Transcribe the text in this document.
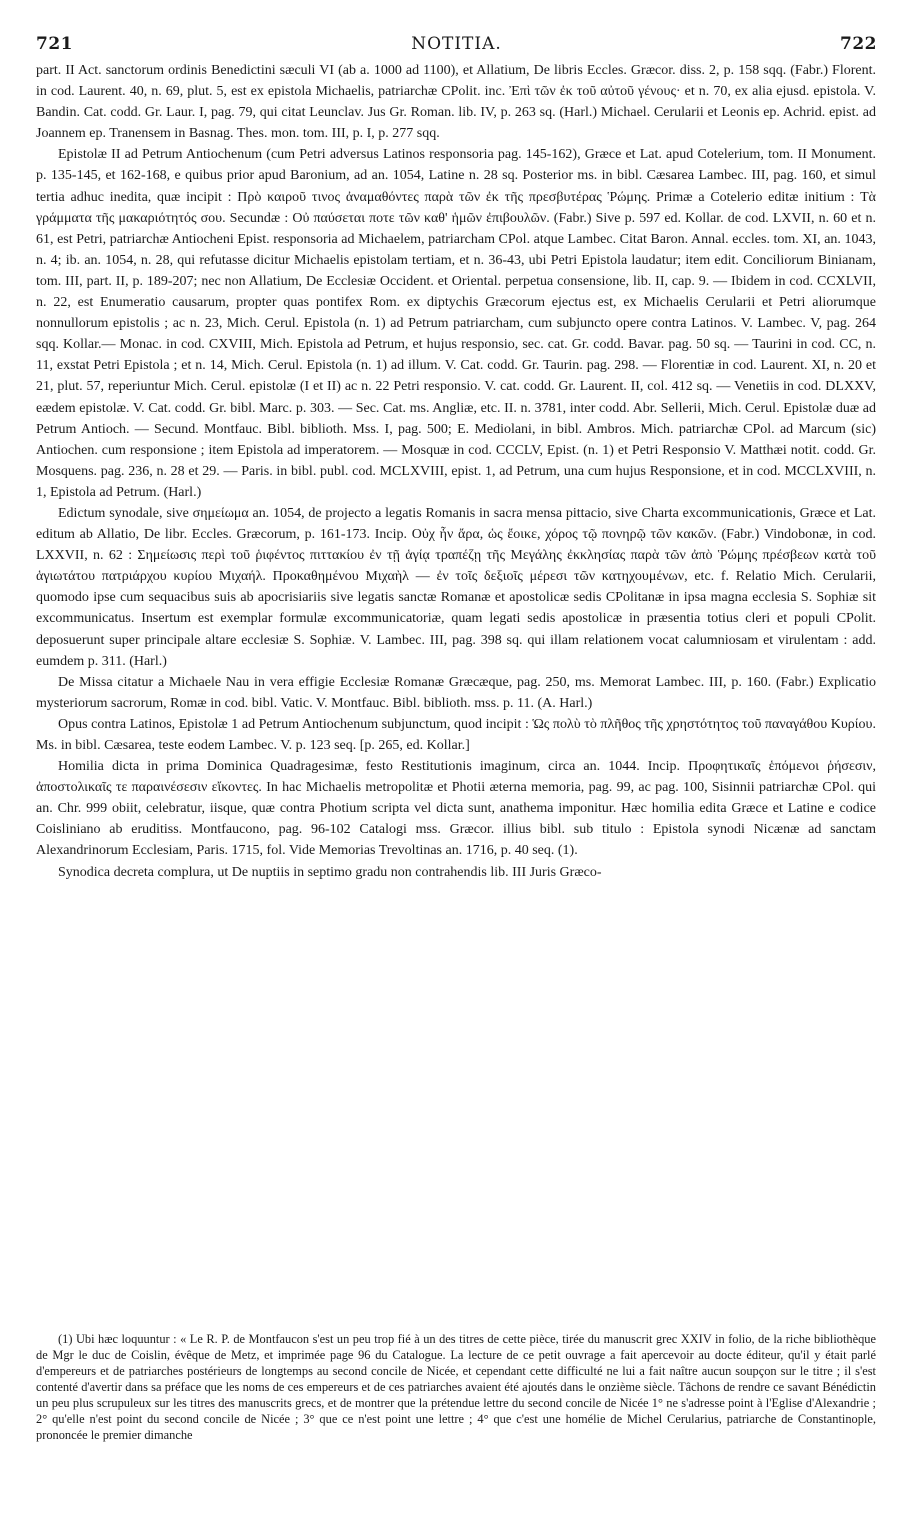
721	NOTITIA.	722

part. II Act. sanctorum ordinis Benedictini sæculi VI (ab a. 1000 ad 1100), et Allatium, De libris Eccles. Græcor. diss. 2, p. 158 sqq. (Fabr.) Florent. in cod. Laurent. 40, n. 69, plut. 5, est ex epistola Michaelis, patriarchæ CPolit. inc. Ἐπὶ τῶν ἐκ τοῦ αὐτοῦ γένους· et n. 70, ex alia ejusd. epistola. V. Bandin. Cat. codd. Gr. Laur. I, pag. 79, qui citat Leunclav. Jus Gr. Roman. lib. IV, p. 263 sq. (Harl.) Michael. Cerularii et Leonis ep. Achrid. epist. ad Joannem ep. Tranensem in Basnag. Thes. mon. tom. III, p. I, p. 277 sqq.

Epistolæ II ad Petrum Antiochenum (cum Petri adversus Latinos responsoria pag. 145-162), Græce et Lat. apud Cotelerium, tom. II Monument. p. 135-145, et 162-168, e quibus prior apud Baronium, ad an. 1054, Latine n. 28 sq. Posterior ms. in bibl. Cæsarea Lambec. III, pag. 160, et simul tertia adhuc inedita, quæ incipit : Πρὸ καιροῦ τινος ἀναμαθόντες παρὰ τῶν ἐκ τῆς πρεσβυτέρας Ῥώμης. Primæ a Cotelerio editæ initium : Τὰ γράμματα τῆς μακαριότητός σου. Secundæ : Οὐ παύσεται ποτε τῶν καθ' ἡμῶν ἐπιβουλῶν. (Fabr.) Sive p. 597 ed. Kollar. de cod. LXVII, n. 60 et n. 61, est Petri, patriarchæ Antiocheni Epist. responsoria ad Michaelem, patriarcham CPol. atque Lambec. Citat Baron. Annal. eccles. tom. XI, an. 1043, n. 4; ib. an. 1054, n. 28, qui refutasse dicitur Michaelis epistolam tertiam, et n. 36-43, ubi Petri Epistola laudatur; item edit. Conciliorum Binianam, tom. III, part. II, p. 189-207; nec non Allatium, De Ecclesiæ Occident. et Oriental. perpetua consensione, lib. II, cap. 9. — Ibidem in cod. CCXLVII, n. 22, est Enumeratio causarum, propter quas pontifex Rom. ex diptychis Græcorum ejectus est, ex Michaelis Cerularii et Petri aliorumque nonnullorum epistolis ; ac n. 23, Mich. Cerul. Epistola (n. 1) ad Petrum patriarcham, cum subjuncto opere contra Latinos. V. Lambec. V, pag. 264 sqq. Kollar.— Monac. in cod. CXVIII, Mich. Epistola ad Petrum, et hujus responsio, sec. cat. Gr. codd. Bavar. pag. 50 sq. — Taurini in cod. CC, n. 11, exstat Petri Epistola ; et n. 14, Mich. Cerul. Epistola (n. 1) ad illum. V. Cat. codd. Gr. Taurin. pag. 298. — Florentiæ in cod. Laurent. XI, n. 20 et 21, plut. 57, reperiuntur Mich. Cerul. epistolæ (I et II) ac n. 22 Petri responsio. V. cat. codd. Gr. Laurent. II, col. 412 sq. — Venetiis in cod. DLXXV, eædem epistolæ. V. Cat. codd. Gr. bibl. Marc. p. 303. — Sec. Cat. ms. Angliæ, etc. II. n. 3781, inter codd. Abr. Sellerii, Mich. Cerul. Epistolæ duæ ad Petrum Antioch. — Secund. Montfauc. Bibl. biblioth. Mss. I, pag. 500; E. Mediolani, in bibl. Ambros. Mich. patriarchæ CPol. ad Marcum (sic) Antiochen. cum responsione ; item Epistola ad imperatorem. — Mosquæ in cod. CCCLV, Epist. (n. 1) et Petri Responsio V. Matthæi notit. codd. Gr. Mosquens. pag. 236, n. 28 et 29. — Paris. in bibl. publ. cod. MCLXVIII, epist. 1, ad Petrum, una cum hujus Responsione, et in cod. MCCLXVIII, n. 1, Epistola ad Petrum. (Harl.)

Edictum synodale, sive σημείωμα an. 1054, de projecto a legatis Romanis in sacra mensa pittacio, sive Charta excommunicationis, Græce et Lat. editum ab Allatio, De libr. Eccles. Græcorum, p. 161-173. Incip. Οὐχ ἦν ἄρα, ὡς ἔοικε, χόρος τῷ πονηρῷ τῶν κακῶν. (Fabr.) Vindobonæ, in cod. LXXVII, n. 62 : Σημείωσις περὶ τοῦ ῥιφέντος πιττακίου ἐν τῇ ἁγίᾳ τραπέζῃ τῆς Μεγάλης ἐκκλησίας παρὰ τῶν ἀπὸ Ῥώμης πρέσβεων κατὰ τοῦ ἁγιωτάτου πατριάρχου κυρίου Μιχαήλ. Προκαθημένου Μιχαὴλ — ἐν τοῖς δεξιοῖς μέρεσι τῶν κατηχουμένων, etc. f. Relatio Mich. Cerularii, quomodo ipse cum sequacibus suis ab apocrisiariis sive legatis sanctæ Romanæ et apostolicæ sedis CPolitanæ in ipsa magna ecclesia S. Sophiæ sit excommunicatus. Insertum est exemplar formulæ excommunicatoriæ, quam legati sedis apostolicæ in præsentia totius cleri et populi CPolit. deposuerunt super principale altare ecclesiæ S. Sophiæ. V. Lambec. III, pag. 398 sq. qui illam relationem vocat calumniosam et virulentam : add. eumdem p. 311. (Harl.)

De Missa citatur a Michaele Nau in vera effigie Ecclesiæ Romanæ Græcæque, pag. 250, ms. Memorat Lambec. III, p. 160. (Fabr.) Explicatio mysteriorum sacrorum, Romæ in cod. bibl. Vatic. V. Montfauc. Bibl. biblioth. mss. p. 11. (A. Harl.)

Opus contra Latinos, Epistolæ 1 ad Petrum Antiochenum subjunctum, quod incipit : Ὡς πολὺ τὸ πλῆθος τῆς χρηστότητος τοῦ παναγάθου Κυρίου. Ms. in bibl. Cæsarea, teste eodem Lambec. V. p. 123 seq. [p. 265, ed. Kollar.]

Homilia dicta in prima Dominica Quadragesimæ, festo Restitutionis imaginum, circa an. 1044. Incip. Προφητικαῖς ἑπόμενοι ῥήσεσιν, ἀποστολικαῖς τε παραινέσεσιν εἴκοντες. In hac Michaelis metropolitæ et Photii æterna memoria, pag. 99, ac pag. 100, Sisinnii patriarchæ CPol. qui an. Chr. 999 obiit, celebratur, iisque, quæ contra Photium scripta vel dicta sunt, anathema imponitur. Hæc homilia edita Græce et Latine e codice Coisliniano ab eruditiss. Montfaucono, pag. 96-102 Catalogi mss. Græcor. illius bibl. sub titulo : Epistola synodi Nicænæ ad sanctam Alexandrinorum Ecclesiam, Paris. 1715, fol. Vide Memorias Trevoltinas an. 1716, p. 40 seq. (1).

Synodica decreta complura, ut De nuptiis in septimo gradu non contrahendis lib. III Juris Græco-

(1) Ubi hæc loquuntur : « Le R. P. de Montfaucon s'est un peu trop fié à un des titres de cette pièce, tirée du manuscrit grec XXIV in folio, de la riche bibliothèque de Mgr le duc de Coislin, évêque de Metz, et imprimée page 96 du Catalogue. La lecture de ce petit ouvrage a fait apercevoir au docte éditeur, qu'il y était parlé d'empereurs et de patriarches postérieurs de longtemps au second concile de Nicée, et cependant cette difficulté ne lui a fait naître aucun soupçon sur le titre ; il s'est contenté d'avertir dans sa préface que les noms de ces empereurs et de ces patriarches avaient été ajoutés dans le onzième siècle. Tâchons de rendre ce savant Bénédictin un peu plus scrupuleux sur les titres des manuscrits grecs, et de montrer que la prétendue lettre du second concile de Nicée 1° ne s'adresse point à l'Eglise d'Alexandrie ; 2° qu'elle n'est point du second concile de Nicée ; 3° que ce n'est point une lettre ; 4° que c'est une homélie de Michel Cerularius, patriarche de Constantinople, prononcée le premier dimanche
